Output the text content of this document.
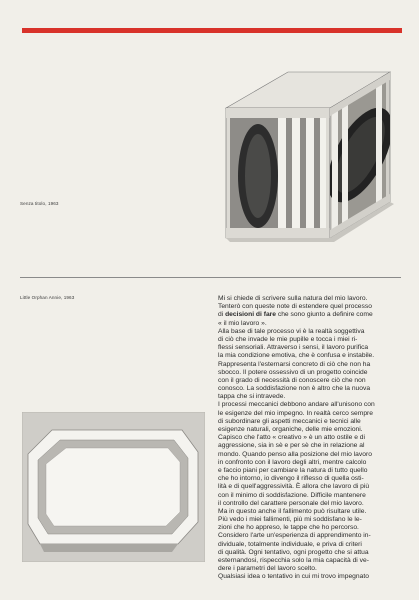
Senza titolo, 1963
Little Orphan Annie, 1963	Mi si chiede di scrivere sulla natura del mio lavoro.
Tenterò con queste note di estendere quel processo
di decisioni di fare che sono giunto a definire come
« il mio lavoro ».
Alla base di tale processo vi è la realtà soggettiva
di ciò che invade le mie pupille e tocca i miei ri-
flessi sensoriali. Attraverso i sensi, il lavoro purifica
la mia condizione emotiva, che è confusa e instabile.
Rappresenta l'esternarsi concreto di ciò che non ha
sbocco. Il potere ossessivo di un progetto coincide
con il grado di necessità di conoscere ciò che non
conosco. La soddisfazione non è altro che la nuova
tappa che si intravede.
I processi meccanici debbono andare all'unisono con
le esigenze del mio impegno. In realtà cerco sempre
di subordinare gli aspetti meccanici e tecnici alle
esigenze naturali, organiche, delle mie emozioni.
Capisco che l'atto « creativo » è un atto ostile e di
aggressione, sia in sè e per sè che in relazione al
mondo. Quando penso alla posizione del mio lavoro
in confronto con il lavoro degli altri, mentre calcolo
e faccio piani per cambiare la natura di tutto quello
che ho intorno, io divengo il riflesso di quella osti-
lità e di quell'aggressività. È allora che lavoro di più
con il minimo di soddisfazione. Difficile mantenere
il controllo del carattere personale del mio lavoro.
Ma in questo anche il fallimento può risultare utile.
Più vedo i miei fallimenti, più mi soddisfano le le-
zioni che ho appreso, le tappe che ho percorso.
Considero l'arte un'esperienza di apprendimento in-
dividuale, totalmente individuale, e priva di criteri
di qualità. Ogni tentativo, ogni progetto che si attua
esternandosi, rispecchia solo la mia capacità di ve-
dere i parametri del lavoro scelto.
Qualsiasi idea o tentativo in cui mi trovo impegnato
